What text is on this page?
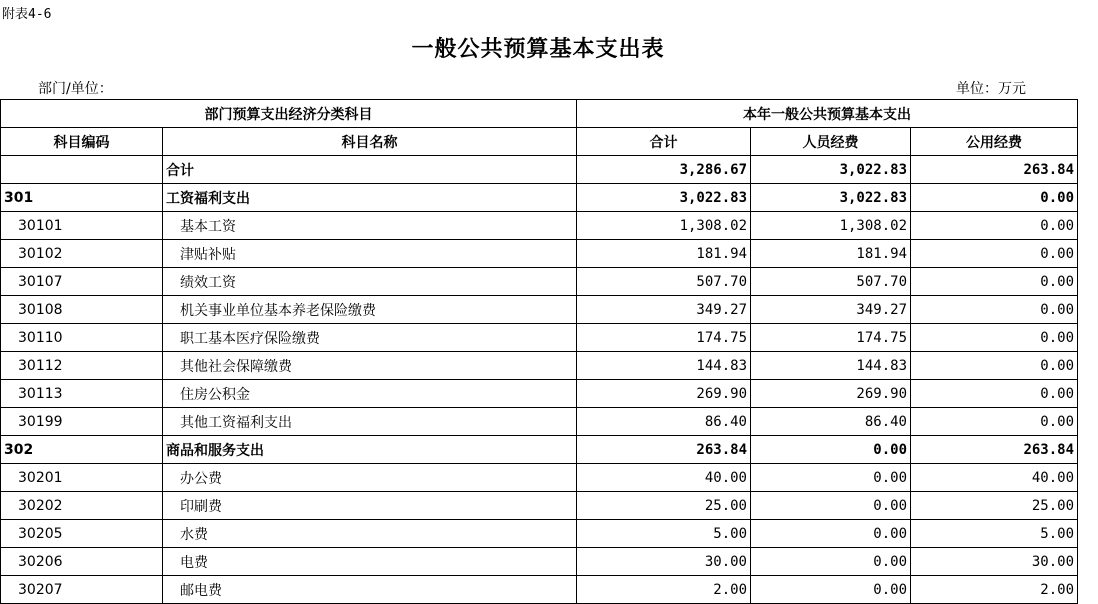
附表4-6
一般公共预算基本支出表
部门/单位：	单位：万元
部门预算支出经济分类科目		本年一般公共预算基本支出		
科目编码	科目名称	合计	人员经费	公用经费
	合计	3,286.67	3,022.83	263.84
301	工资福利支出	3,022.83	3,022.83	0.00
30101	基本工资	1,308.02	1,308.02	0.00
30102	津贴补贴	181.94	181.94	0.00
30107	绩效工资	507.70	507.70	0.00
30108	机关事业单位基本养老保险缴费	349.27	349.27	0.00
30110	职工基本医疗保险缴费	174.75	174.75	0.00
30112	其他社会保障缴费	144.83	144.83	0.00
30113	住房公积金	269.90	269.90	0.00
30199	其他工资福利支出	86.40	86.40	0.00
302	商品和服务支出	263.84	0.00	263.84
30201	办公费	40.00	0.00	40.00
30202	印刷费	25.00	0.00	25.00
30205	水费	5.00	0.00	5.00
30206	电费	30.00	0.00	30.00
30207	邮电费	2.00	0.00	2.00
